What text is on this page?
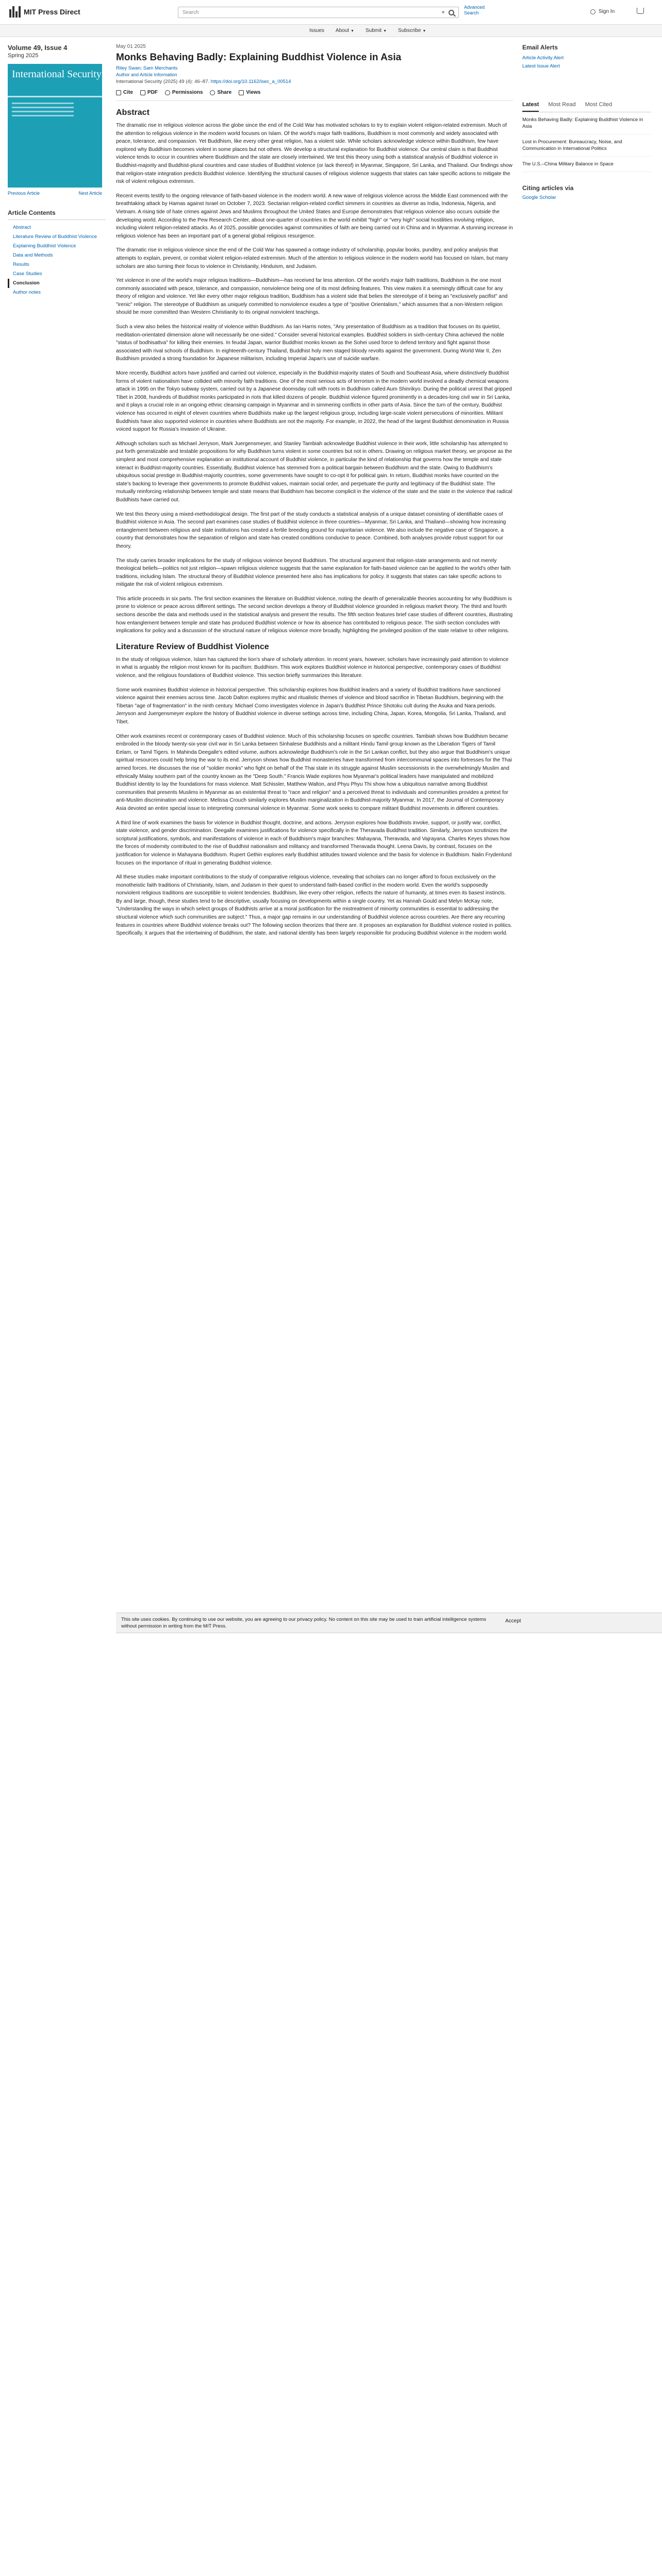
MIT Press Direct	Search	▼
Advanced Search	Sign In
Issues About ▼ Submit ▼ Subscribe ▼
Volume 49, Issue 4
Spring 2025
International Security
Previous Article	Next Article
Article Contents
Abstract
Literature Review of Buddhist Violence
Explaining Buddhist Violence
Data and Methods
Results
Case Studies
Conclusion
Author notes
May 01 2025
Monks Behaving Badly: Explaining Buddhist Violence in Asia
Riley Swan; Sam Merchants
Author and Article Information
International Security (2025) 49 (4): 46–87. https://doi.org/10.1162/isec_a_00514
Cite	PDF	Permissions	Share	Views
Abstract

The dramatic rise in religious violence across the globe since the end of the Cold War has motivated scholars to try to explain violent religion-related extremism. Much of the attention to religious violence in the modern world focuses on Islam. Of the world's major faith traditions, Buddhism is most commonly and widely associated with peace, tolerance, and compassion. Yet Buddhism, like every other great religion, has a violent side. While scholars acknowledge violence within Buddhism, few have explored why Buddhism becomes violent in some places but not others. We develop a structural explanation for Buddhist violence. Our central claim is that Buddhist violence tends to occur in countries where Buddhism and the state are closely intertwined. We test this theory using both a statistical analysis of Buddhist violence in Buddhist-majority and Buddhist-plural countries and case studies of Buddhist violence (or lack thereof) in Myanmar, Singapore, Sri Lanka, and Thailand. Our findings show that religion-state integration predicts Buddhist violence. Identifying the structural causes of religious violence suggests that states can take specific actions to mitigate the risk of violent religious extremism.

Recent events testify to the ongoing relevance of faith-based violence in the modern world. A new wave of religious violence across the Middle East commenced with the breathtaking attack by Hamas against Israel on October 7, 2023. Sectarian religion-related conflict simmers in countries as diverse as India, Indonesia, Nigeria, and Vietnam. A rising tide of hate crimes against Jews and Muslims throughout the United States and Europe demonstrates that religious violence also occurs outside the developing world. According to the Pew Research Center, about one-quarter of countries in the world exhibit "high" or "very high" social hostilities involving religion, including violent religion-related attacks. As of 2025, possible genocides against communities of faith are being carried out in China and in Myanmar. A stunning increase in religious violence has been an important part of a general global religious resurgence.

The dramatic rise in religious violence since the end of the Cold War has spawned a cottage industry of scholarship, popular books, punditry, and policy analysis that attempts to explain, prevent, or combat violent religion-related extremism. Much of the attention to religious violence in the modern world has focused on Islam, but many scholars are also turning their focus to violence in Christianity, Hinduism, and Judaism.

Yet violence in one of the world's major religious traditions—Buddhism—has received far less attention. Of the world's major faith traditions, Buddhism is the one most commonly associated with peace, tolerance, and compassion, nonviolence being one of its most defining features. This view makes it a seemingly difficult case for any theory of religion and violence. Yet like every other major religious tradition, Buddhism has a violent side that belies the stereotype of it being an "exclusively pacifist" and "irenic" religion. The stereotype of Buddhism as uniquely committed to nonviolence exudes a type of "positive Orientalism," which assumes that a non-Western religion should be more committed than Western Christianity to its original nonviolent teachings.

Such a view also belies the historical reality of violence within Buddhism. As Ian Harris notes, "Any presentation of Buddhism as a tradition that focuses on its quietist, meditation-orientated dimension alone will necessarily be one-sided." Consider several historical examples. Buddhist soldiers in sixth-century China achieved the noble "status of bodhisattva" for killing their enemies. In feudal Japan, warrior Buddhist monks known as the Sohei used force to defend territory and fight against those associated with rival schools of Buddhism. In eighteenth-century Thailand, Buddhist holy men staged bloody revolts against the government. During World War II, Zen Buddhism provided a strong foundation for Japanese militarism, including Imperial Japan's use of suicide warfare.

More recently, Buddhist actors have justified and carried out violence, especially in the Buddhist-majority states of South and Southeast Asia, where distinctively Buddhist forms of violent nationalism have collided with minority faith traditions. One of the most serious acts of terrorism in the modern world involved a deadly chemical weapons attack in 1995 on the Tokyo subway system, carried out by a Japanese doomsday cult with roots in Buddhism called Aum Shinrikyo. During the political unrest that gripped Tibet in 2008, hundreds of Buddhist monks participated in riots that killed dozens of people. Buddhist violence figured prominently in a decades-long civil war in Sri Lanka, and it plays a crucial role in an ongoing ethnic cleansing campaign in Myanmar and in simmering conflicts in other parts of Asia. Since the turn of the century, Buddhist violence has occurred in eight of eleven countries where Buddhists make up the largest religious group, including large-scale violent persecutions of minorities. Militant Buddhists have also supported violence in countries where Buddhists are not the majority. For example, in 2022, the head of the largest Buddhist denomination in Russia voiced support for Russia's invasion of Ukraine.

Although scholars such as Michael Jerryson, Mark Juergensmeyer, and Stanley Tambiah acknowledge Buddhist violence in their work, little scholarship has attempted to put forth generalizable and testable propositions for why Buddhism turns violent in some countries but not in others. Drawing on religious market theory, we propose as the simplest and most comprehensive explanation an institutional account of Buddhist violence, in particular the kind of relationship that governs how the temple and state interact in Buddhist-majority countries. Essentially, Buddhist violence has stemmed from a political bargain between Buddhism and the state. Owing to Buddhism's ubiquitous social prestige in Buddhist-majority countries, some governments have sought to co-opt it for political gain. In return, Buddhist monks have counted on the state's backing to leverage their governments to promote Buddhist values, maintain social order, and perpetuate the purity and legitimacy of the Buddhist state. The mutually reinforcing relationship between temple and state means that Buddhism has become complicit in the violence of the state and the state in the violence that radical Buddhists have carried out.

We test this theory using a mixed-methodological design. The first part of the study conducts a statistical analysis of a unique dataset consisting of identifiable cases of Buddhist violence in Asia. The second part examines case studies of Buddhist violence in three countries—Myanmar, Sri Lanka, and Thailand—showing how increasing entanglement between religious and state institutions has created a fertile breeding ground for majoritarian violence. We also include the negative case of Singapore, a country that demonstrates how the separation of religion and state has created conditions conducive to peace. Combined, both analyses provide robust support for our theory.

The study carries broader implications for the study of religious violence beyond Buddhism. The structural argument that religion-state arrangements and not merely theological beliefs—politics not just religion—spawn religious violence suggests that the same explanation for faith-based violence can be applied to the world's other faith traditions, including Islam. The structural theory of Buddhist violence presented here also has implications for policy. It suggests that states can take specific actions to mitigate the risk of violent religious extremism.

This article proceeds in six parts. The first section examines the literature on Buddhist violence, noting the dearth of generalizable theories accounting for why Buddhism is prone to violence or peace across different settings. The second section develops a theory of Buddhist violence grounded in religious market theory. The third and fourth sections describe the data and methods used in the statistical analysis and present the results. The fifth section features brief case studies of different countries, illustrating how entanglement between temple and state has produced Buddhist violence or how its absence has contributed to religious peace. The sixth section concludes with implications for policy and a discussion of the structural nature of religious violence more broadly, highlighting the privileged position of the state relative to other religions.

Literature Review of Buddhist Violence

In the study of religious violence, Islam has captured the lion's share of scholarly attention. In recent years, however, scholars have increasingly paid attention to violence in what is arguably the religion most known for its pacifism: Buddhism. This work explores Buddhist violence in historical perspective, contemporary cases of Buddhist violence, and the religious foundations of Buddhist violence. This section briefly summarizes this literature.

Some work examines Buddhist violence in historical perspective. This scholarship explores how Buddhist leaders and a variety of Buddhist traditions have sanctioned violence against their enemies across time. Jacob Dalton explores mythic and ritualistic themes of violence and blood sacrifice in Tibetan Buddhism, beginning with the Tibetan "age of fragmentation" in the ninth century. Michael Como investigates violence in Japan's Buddhist Prince Shotoku cult during the Asuka and Nara periods. Jerryson and Juergensmeyer explore the history of Buddhist violence in diverse settings across time, including China, Japan, Korea, Mongolia, Sri Lanka, Thailand, and Tibet.

Other work examines recent or contemporary cases of Buddhist violence. Much of this scholarship focuses on specific countries. Tambiah shows how Buddhism became embroiled in the bloody twenty-six-year civil war in Sri Lanka between Sinhalese Buddhists and a militant Hindu Tamil group known as the Liberation Tigers of Tamil Eelam, or Tamil Tigers. In Mahinda Deegalle's edited volume, authors acknowledge Buddhism's role in the Sri Lankan conflict, but they also argue that Buddhism's unique spiritual resources could help bring the war to its end. Jerryson shows how Buddhist monasteries have transformed from intercommunal spaces into fortresses for the Thai armed forces. He discusses the rise of "soldier monks" who fight on behalf of the Thai state in its struggle against Muslim secessionists in the overwhelmingly Muslim and ethnically Malay southern part of the country known as the "Deep South." Francis Wade explores how Myanmar's political leaders have manipulated and mobilized Buddhist identity to lay the foundations for mass violence. Matt Schissler, Matthew Walton, and Phyu Phyu Thi show how a ubiquitous narrative among Buddhist communities that presents Muslims in Myanmar as an existential threat to "race and religion" and a perceived threat to individuals and communities provides a pretext for anti-Muslim discrimination and violence. Melissa Crouch similarly explores Muslim marginalization in Buddhist-majority Myanmar. In 2017, the Journal of Contemporary Asia devoted an entire special issue to interpreting communal violence in Myanmar. Some work seeks to compare militant Buddhist movements in different countries.

A third line of work examines the basis for violence in Buddhist thought, doctrine, and actions. Jerryson explores how Buddhists invoke, support, or justify war, conflict, state violence, and gender discrimination. Deegalle examines justifications for violence specifically in the Theravada Buddhist tradition. Similarly, Jerryson scrutinizes the scriptural justifications, symbols, and manifestations of violence in each of Buddhism's major branches: Mahayana, Theravada, and Vajrayana. Charles Keyes shows how the forces of modernity contributed to the rise of Buddhist nationalism and militancy and transformed Theravada thought. Leena Davis, by contrast, focuses on the justification for violence in Mahayana Buddhism. Rupert Gethin explores early Buddhist attitudes toward violence and the basis for violence in Buddhism. Nalin Frydenlund focuses on the importance of ritual in generating Buddhist violence.

All these studies make important contributions to the study of comparative religious violence, revealing that scholars can no longer afford to focus exclusively on the monotheistic faith traditions of Christianity, Islam, and Judaism in their quest to understand faith-based conflict in the modern world. Even the world's supposedly nonviolent religious traditions are susceptible to violent tendencies. Buddhism, like every other religion, reflects the nature of humanity, at times even its basest instincts. By and large, though, these studies tend to be descriptive, usually focusing on developments within a single country. Yet as Hannah Gould and Melyn McKay note, "Understanding the ways in which select groups of Buddhists arrive at a moral justification for the mistreatment of minority communities is essential to addressing the structural violence which such communities are subject." Thus, a major gap remains in our understanding of Buddhist violence across countries. Are there any recurring features in countries where Buddhist violence breaks out? The following section theorizes that there are. It proposes an explanation for Buddhist violence rooted in politics. Specifically, it argues that the intertwining of Buddhism, the state, and national identity has been largely responsible for producing Buddhist violence in the modern world.

Email Alerts
Article Activity Alert
Latest Issue Alert
Latest Most Read Most Cited
Monks Behaving Badly: Explaining Buddhist Violence in Asia
Lost in Procurement: Bureaucracy, Noise, and Communication in International Politics
The U.S.–China Military Balance in Space
Citing articles via
Google Scholar
This site uses cookies. By continuing to use our website, you are agreeing to our privacy policy. No content on this site may be used to train artificial intelligence systems without permission in writing from the MIT Press.
Accept
